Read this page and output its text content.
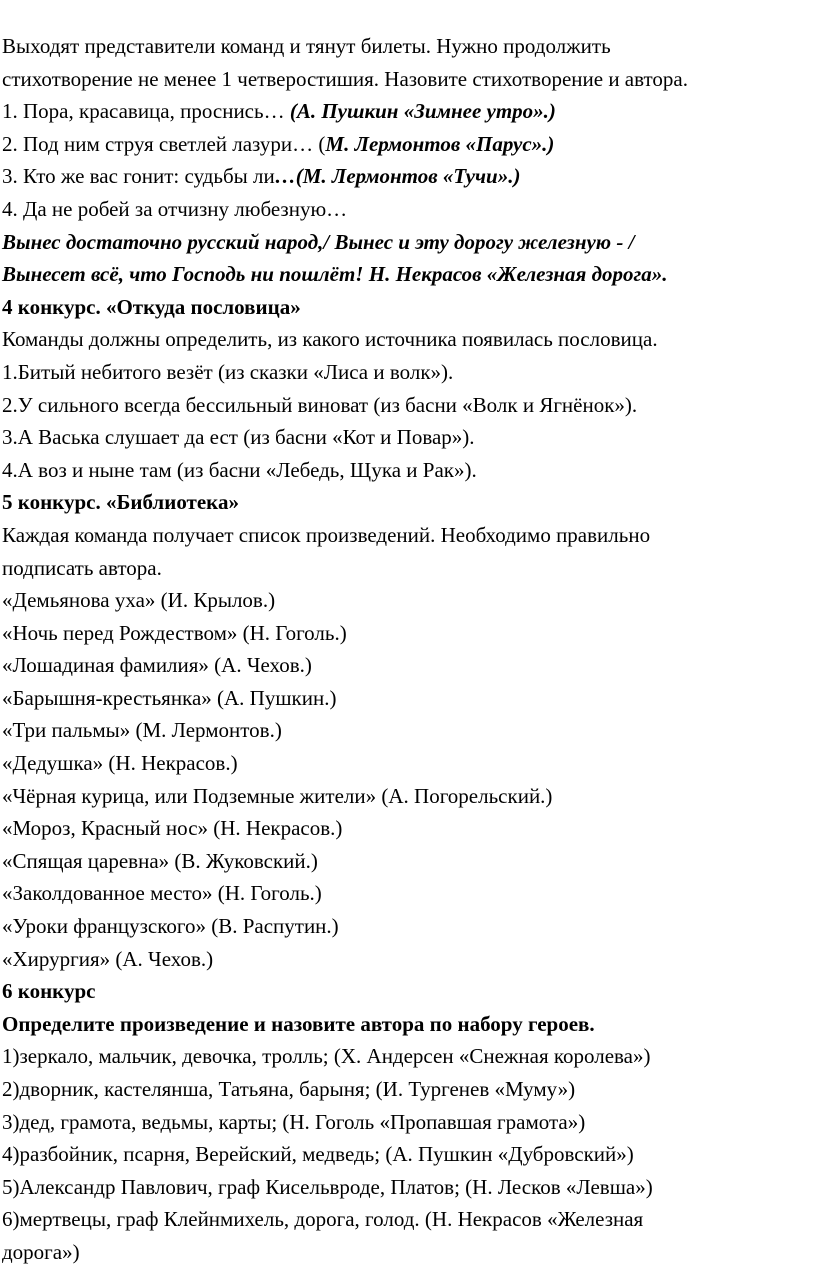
Выходят представители команд и тянут билеты. Нужно продолжить
стихотворение не менее 1 четверостишия. Назовите стихотворение и автора.
1. Пора, красавица, проснись… (А. Пушкин «Зимнее утро».)
2. Под ним струя светлей лазури… (М. Лермонтов «Парус».)
3. Кто же вас гонит: судьбы ли…(М. Лермонтов «Тучи».)
4. Да не робей за отчизну любезную…
Вынес достаточно русский народ,/ Вынес и эту дорогу железную - /
Вынесет всё, что Господь ни пошлёт! Н. Некрасов «Железная дорога».
4 конкурс. «Откуда пословица»
Команды должны определить, из какого источника появилась пословица.
1.Битый небитого везёт (из сказки «Лиса и волк»).
2.У сильного всегда бессильный виноват (из басни «Волк и Ягнёнок»).
3.А Васька слушает да ест (из басни «Кот и Повар»).
4.А воз и ныне там (из басни «Лебедь, Щука и Рак»).
5 конкурс. «Библиотека»
Каждая команда получает список произведений. Необходимо правильно
подписать автора.
«Демьянова уха» (И. Крылов.)
«Ночь перед Рождеством» (Н. Гоголь.)
«Лошадиная фамилия» (А. Чехов.)
«Барышня-крестьянка» (А. Пушкин.)
«Три пальмы» (М. Лермонтов.)
«Дедушка» (Н. Некрасов.)
«Чёрная курица, или Подземные жители» (А. Погорельский.)
«Мороз, Красный нос» (Н. Некрасов.)
«Спящая царевна» (В. Жуковский.)
«Заколдованное место» (Н. Гоголь.)
«Уроки французского» (В. Распутин.)
«Хирургия» (А. Чехов.)
6 конкурс
Определите произведение и назовите автора по набору героев.
1)зеркало, мальчик, девочка, тролль; (Х. Андерсен «Снежная королева»)
2)дворник, кастелянша, Татьяна, барыня; (И. Тургенев «Муму»)
3)дед, грамота, ведьмы, карты; (Н. Гоголь «Пропавшая грамота»)
4)разбойник, псарня, Верейский, медведь; (А. Пушкин «Дубровский»)
5)Александр Павлович, граф Кисельвроде, Платов; (Н. Лесков «Левша»)
6)мертвецы, граф Клейнмихель, дорога, голод. (Н. Некрасов «Железная
дорога»)
